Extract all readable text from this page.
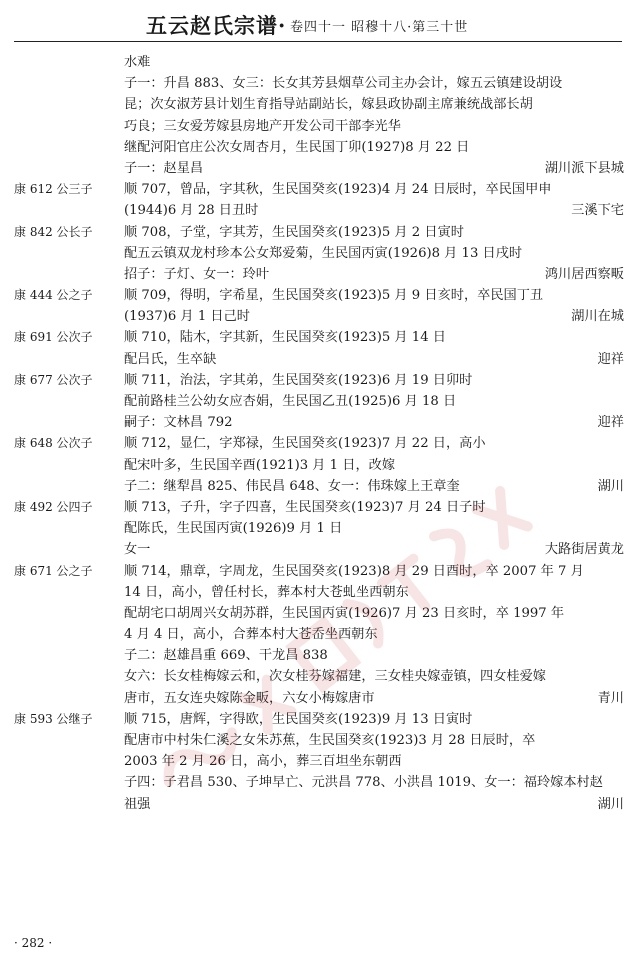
五云赵氏宗谱· 卷四十一 昭穆十八·第三十世
水难
子一：升昌 883、女三：长女其芳县烟草公司主办会计，嫁五云镇建设胡设
昆；次女淑芳县计划生育指导站副站长，嫁县政协副主席兼统战部长胡
巧良；三女爱芳嫁县房地产开发公司干部李光华
继配河阳官庄公次女周杏月，生民国丁卯(1927)8 月 22 日
子一：赵星昌	湖川派下县城
康 612 公三子 顺 707，曾品，字其秋，生民国癸亥(1923)4 月 24 日辰时，卒民国甲申
(1944)6 月 28 日丑时	三溪下宅
康 842 公长子 顺 708，子堂，字其芳，生民国癸亥(1923)5 月 2 日寅时
配五云镇双龙村珍本公女郑爱菊，生民国丙寅(1926)8 月 13 日戌时
招子：子灯、女一：玲叶	鸿川居西察畈
康 444 公之子 顺 709，得明，字希星，生民国癸亥(1923)5 月 9 日亥时，卒民国丁丑
(1937)6 月 1 日己时	湖川在城
康 691 公次子 顺 710，陆木，字其新，生民国癸亥(1923)5 月 14 日
配吕氏，生卒缺	迎祥
康 677 公次子 顺 711，治法，字其弟，生民国癸亥(1923)6 月 19 日卯时
配前路桂兰公幼女应杏娟，生民国乙丑(1925)6 月 18 日
嗣子：文林昌 792	迎祥
康 648 公次子 顺 712，显仁，字郑禄，生民国癸亥(1923)7 月 22 日，高小
配宋叶多，生民国辛酉(1921)3 月 1 日，改嫁
子二：继犁昌 825、伟民昌 648、女一：伟珠嫁上王章奎	湖川
康 492 公四子 顺 713，子升，字子四喜，生民国癸亥(1923)7 月 24 日子时
配陈氏，生民国丙寅(1926)9 月 1 日
女一	大路街居黄龙
康 671 公之子 顺 714，鼎章，字周龙，生民国癸亥(1923)8 月 29 日酉时，卒 2007 年 7 月
14 日，高小，曾任村长，葬本村大苍虬坐西朝东
配胡宅口胡周兴女胡苏群，生民国丙寅(1926)7 月 23 日亥时，卒 1997 年
4 月 4 日，高小，合葬本村大苍岙坐西朝东
子二：赵雄昌重 669、干龙昌 838
女六：长女桂梅嫁云和，次女桂芬嫁福建，三女桂央嫁壶镇，四女桂爱嫁
唐市，五女连央嫁陈金畈，六女小梅嫁唐市	青川
康 593 公继子 顺 715，唐辉，字得欧，生民国癸亥(1923)9 月 13 日寅时
配唐市中村朱仁溪之女朱苏蕉，生民国癸亥(1923)3 月 28 日辰时，卒
2003 年 2 月 26 日，高小，葬三百坦坐东朝西
子四：子君昌 530、子坤早亡、元洪昌 778、小洪昌 1019、女一：福玲嫁本村赵
祖强	湖川
· 282 ·
